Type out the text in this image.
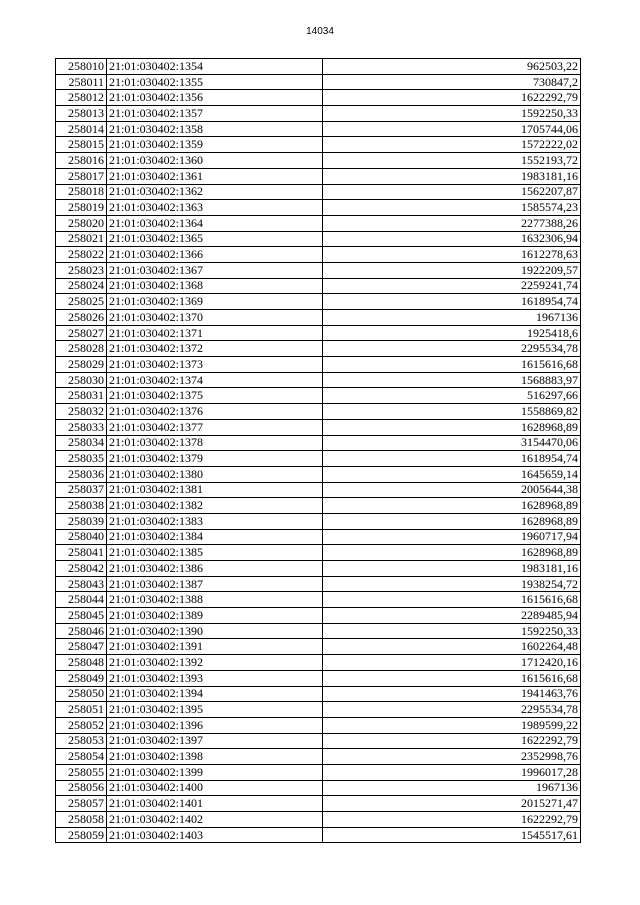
14034
258010	21:01:030402:1354	962503,22
258011	21:01:030402:1355	730847,2
258012	21:01:030402:1356	1622292,79
258013	21:01:030402:1357	1592250,33
258014	21:01:030402:1358	1705744,06
258015	21:01:030402:1359	1572222,02
258016	21:01:030402:1360	1552193,72
258017	21:01:030402:1361	1983181,16
258018	21:01:030402:1362	1562207,87
258019	21:01:030402:1363	1585574,23
258020	21:01:030402:1364	2277388,26
258021	21:01:030402:1365	1632306,94
258022	21:01:030402:1366	1612278,63
258023	21:01:030402:1367	1922209,57
258024	21:01:030402:1368	2259241,74
258025	21:01:030402:1369	1618954,74
258026	21:01:030402:1370	1967136
258027	21:01:030402:1371	1925418,6
258028	21:01:030402:1372	2295534,78
258029	21:01:030402:1373	1615616,68
258030	21:01:030402:1374	1568883,97
258031	21:01:030402:1375	516297,66
258032	21:01:030402:1376	1558869,82
258033	21:01:030402:1377	1628968,89
258034	21:01:030402:1378	3154470,06
258035	21:01:030402:1379	1618954,74
258036	21:01:030402:1380	1645659,14
258037	21:01:030402:1381	2005644,38
258038	21:01:030402:1382	1628968,89
258039	21:01:030402:1383	1628968,89
258040	21:01:030402:1384	1960717,94
258041	21:01:030402:1385	1628968,89
258042	21:01:030402:1386	1983181,16
258043	21:01:030402:1387	1938254,72
258044	21:01:030402:1388	1615616,68
258045	21:01:030402:1389	2289485,94
258046	21:01:030402:1390	1592250,33
258047	21:01:030402:1391	1602264,48
258048	21:01:030402:1392	1712420,16
258049	21:01:030402:1393	1615616,68
258050	21:01:030402:1394	1941463,76
258051	21:01:030402:1395	2295534,78
258052	21:01:030402:1396	1989599,22
258053	21:01:030402:1397	1622292,79
258054	21:01:030402:1398	2352998,76
258055	21:01:030402:1399	1996017,28
258056	21:01:030402:1400	1967136
258057	21:01:030402:1401	2015271,47
258058	21:01:030402:1402	1622292,79
258059	21:01:030402:1403	1545517,61
